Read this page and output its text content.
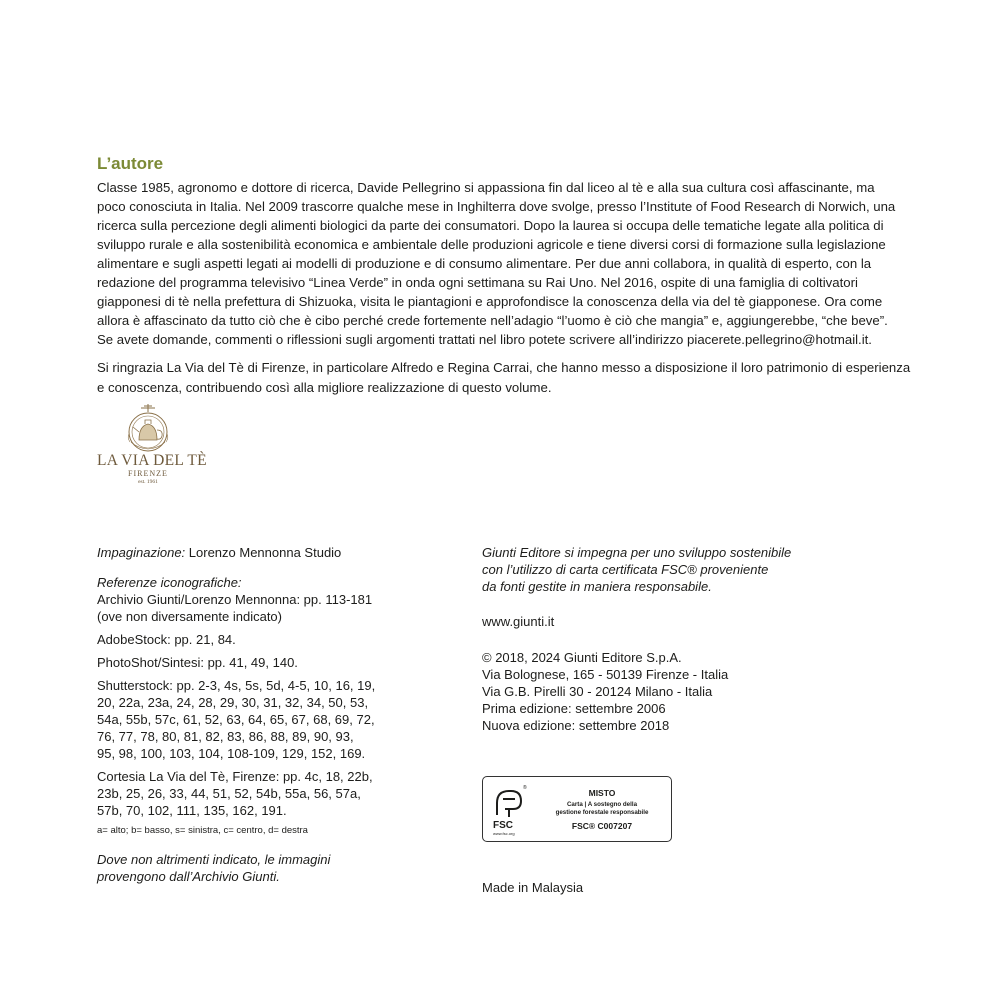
L’autore

Classe 1985, agronomo e dottore di ricerca, Davide Pellegrino si appassiona fin dal liceo al tè e alla sua cultura così affascinante, ma

poco conosciuta in Italia. Nel 2009 trascorre qualche mese in Inghilterra dove svolge, presso l’Institute of Food Research di Norwich, una

ricerca sulla percezione degli alimenti biologici da parte dei consumatori. Dopo la laurea si occupa delle tematiche legate alla politica di

sviluppo rurale e alla sostenibilità economica e ambientale delle produzioni agricole e tiene diversi corsi di formazione sulla legislazione

alimentare e sugli aspetti legati ai modelli di produzione e di consumo alimentare. Per due anni collabora, in qualità di esperto, con la

redazione del programma televisivo “Linea Verde” in onda ogni settimana su Rai Uno. Nel 2016, ospite di una famiglia di coltivatori

giapponesi di tè nella prefettura di Shizuoka, visita le piantagioni e approfondisce la conoscenza della via del tè giapponese. Ora come

allora è affascinato da tutto ciò che è cibo perché crede fortemente nell’adagio “l’uomo è ciò che mangia” e, aggiungerebbe, “che beve”.

Se avete domande, commenti o riflessioni sugli argomenti trattati nel libro potete scrivere all’indirizzo piacerete.pellegrino@hotmail.it.

Si ringrazia La Via del Tè di Firenze, in particolare Alfredo e Regina Carrai, che hanno messo a disposizione il loro patrimonio di esperienza
e conoscenza, contribuendo così alla migliore realizzazione di questo volume.
LA VIA DEL TÈ
FIRENZE
est. 1961
Impaginazione: Lorenzo Mennonna Studio
Referenze iconografiche:
Archivio Giunti/Lorenzo Mennonna: pp. 113-181
(ove non diversamente indicato)
AdobeStock: pp. 21, 84.
PhotoShot/Sintesi: pp. 41, 49, 140.
Shutterstock: pp. 2-3, 4s, 5s, 5d, 4-5, 10, 16, 19,
20, 22a, 23a, 24, 28, 29, 30, 31, 32, 34, 50, 53,
54a, 55b, 57c, 61, 52, 63, 64, 65, 67, 68, 69, 72,
76, 77, 78, 80, 81, 82, 83, 86, 88, 89, 90, 93,
95, 98, 100, 103, 104, 108-109, 129, 152, 169.
Cortesia La Via del Tè, Firenze: pp. 4c, 18, 22b,
23b, 25, 26, 33, 44, 51, 52, 54b, 55a, 56, 57a,
57b, 70, 102, 111, 135, 162, 191.
a= alto; b= basso, s= sinistra, c= centro, d= destra
Dove non altrimenti indicato, le immagini
provengono dall’Archivio Giunti.
Giunti Editore si impegna per uno sviluppo sostenibile
con l’utilizzo di carta certificata FSC® proveniente
da fonti gestite in maniera responsabile.
www.giunti.it
© 2018, 2024 Giunti Editore S.p.A.
Via Bolognese, 165 - 50139 Firenze - Italia
Via G.B. Pirelli 30 - 20124 Milano - Italia
Prima edizione: settembre 2006
Nuova edizione: settembre 2018
FSC
www.fsc.org
®	MISTO
Carta | A sostegno della
gestione forestale responsabile
FSC® C007207
Made in Malaysia
